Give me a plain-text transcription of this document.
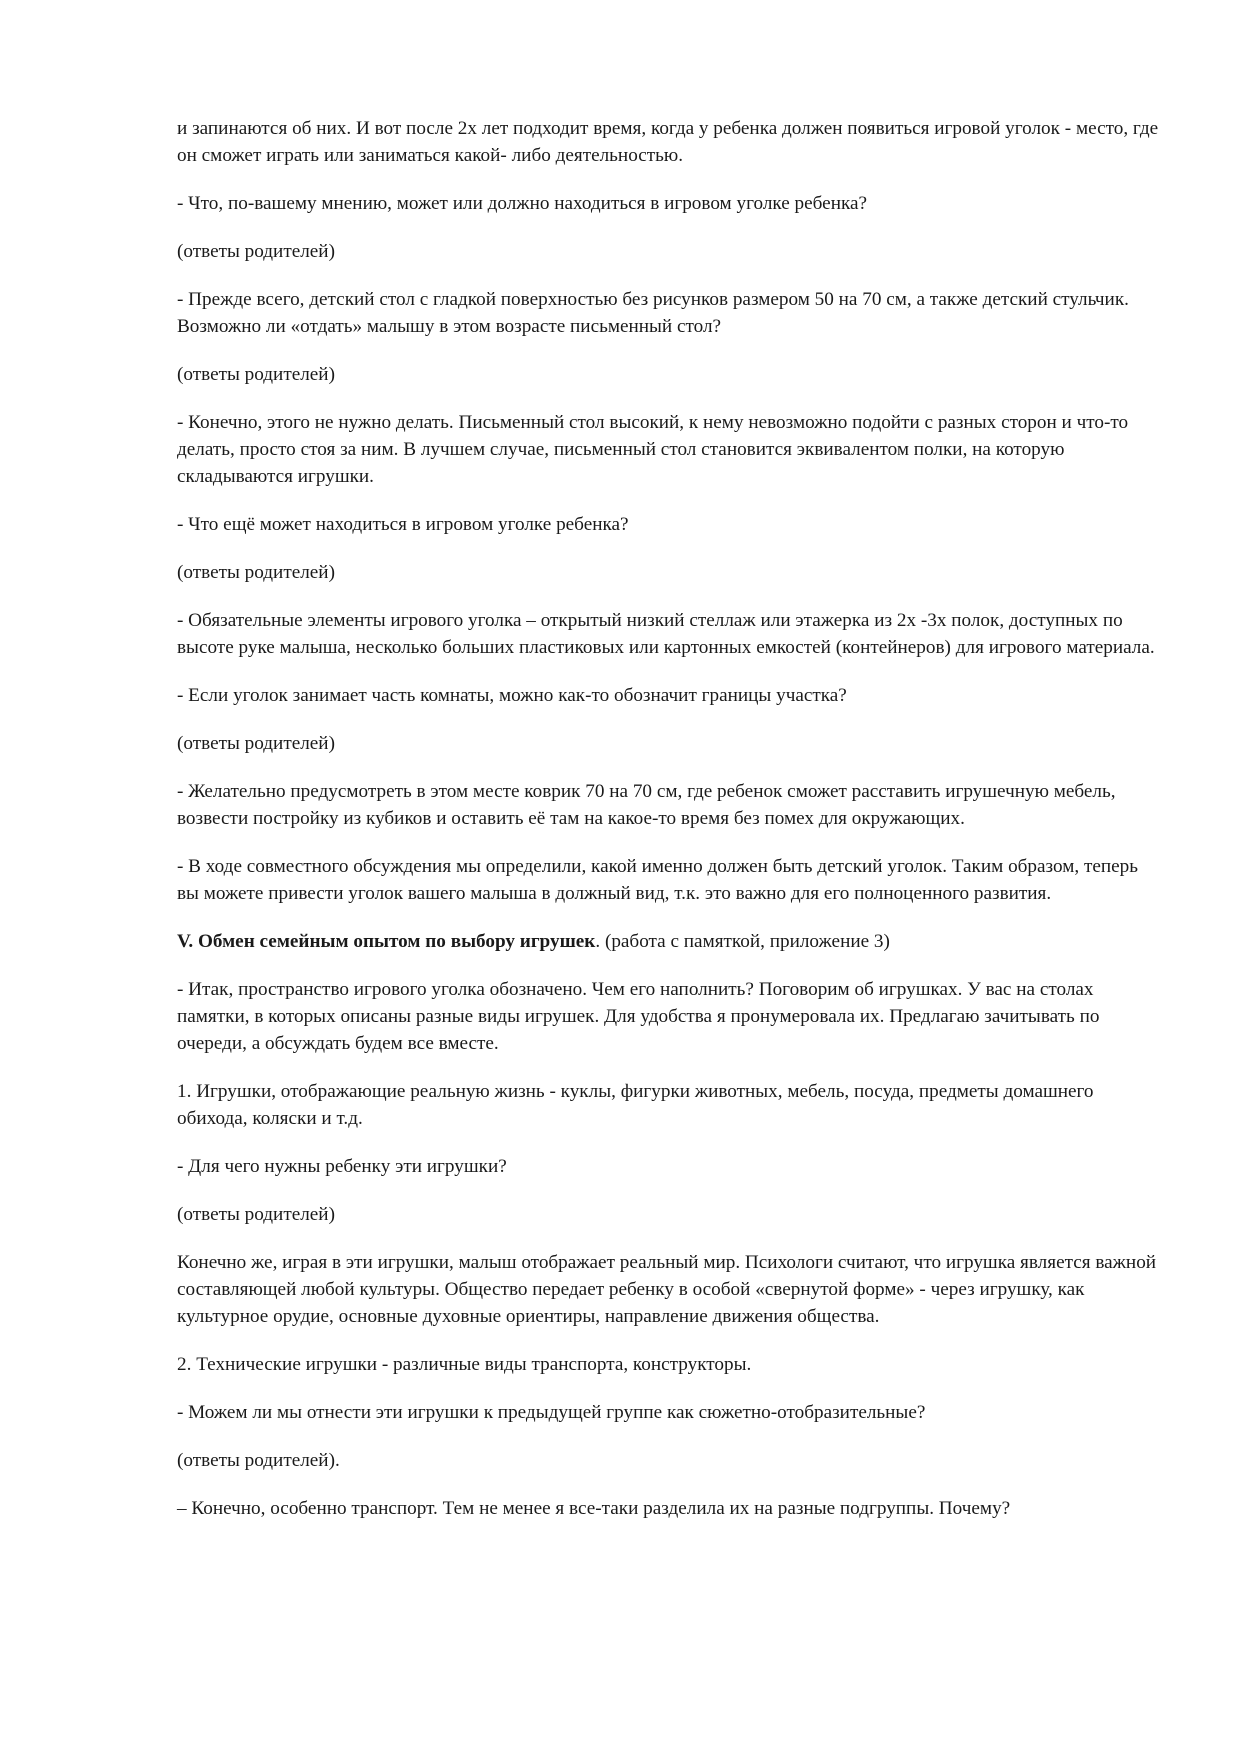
и запинаются об них. И вот после 2х лет подходит время, когда у ребенка должен появиться игровой уголок - место, где он сможет играть или заниматься какой- либо деятельностью.

- Что, по-вашему мнению, может или должно находиться в игровом уголке ребенка?

(ответы родителей)

- Прежде всего, детский стол с гладкой поверхностью без рисунков размером 50 на 70 см, а также детский стульчик. Возможно ли «отдать» малышу в этом возрасте письменный стол?

(ответы родителей)

- Конечно, этого не нужно делать. Письменный стол высокий, к нему невозможно подойти с разных сторон и что-то делать, просто стоя за ним. В лучшем случае, письменный стол становится эквивалентом полки, на которую складываются игрушки.

- Что ещё может находиться в игровом уголке ребенка?

(ответы родителей)

- Обязательные элементы игрового уголка – открытый низкий стеллаж или этажерка из 2х -3х полок, доступных по высоте руке малыша, несколько больших пластиковых или картонных емкостей (контейнеров) для игрового материала.

- Если уголок занимает часть комнаты, можно как-то обозначит границы участка?

(ответы родителей)

- Желательно предусмотреть в этом месте коврик 70 на 70 см, где ребенок сможет расставить игрушечную мебель, возвести постройку из кубиков и оставить её там на какое-то время без помех для окружающих.

- В ходе совместного обсуждения мы определили, какой именно должен быть детский уголок. Таким образом, теперь вы можете привести уголок вашего малыша в должный вид, т.к. это важно для его полноценного развития.

V. Обмен семейным опытом по выбору игрушек. (работа с памяткой, приложение 3)

- Итак, пространство игрового уголка обозначено. Чем его наполнить? Поговорим об игрушках. У вас на столах памятки, в которых описаны разные виды игрушек. Для удобства я пронумеровала их. Предлагаю зачитывать по очереди, а обсуждать будем все вместе.

1. Игрушки, отображающие реальную жизнь - куклы, фигурки животных, мебель, посуда, предметы домашнего обихода, коляски и т.д.

- Для чего нужны ребенку эти игрушки?

(ответы родителей)

Конечно же, играя в эти игрушки, малыш отображает реальный мир. Психологи считают, что игрушка является важной составляющей любой культуры. Общество передает ребенку в особой «свернутой форме» - через игрушку, как культурное орудие, основные духовные ориентиры, направление движения общества.

2. Технические игрушки - различные виды транспорта, конструкторы.

- Можем ли мы отнести эти игрушки к предыдущей группе как сюжетно-отобразительные?

(ответы родителей).

– Конечно, особенно транспорт. Тем не менее я все-таки разделила их на разные подгруппы. Почему?
